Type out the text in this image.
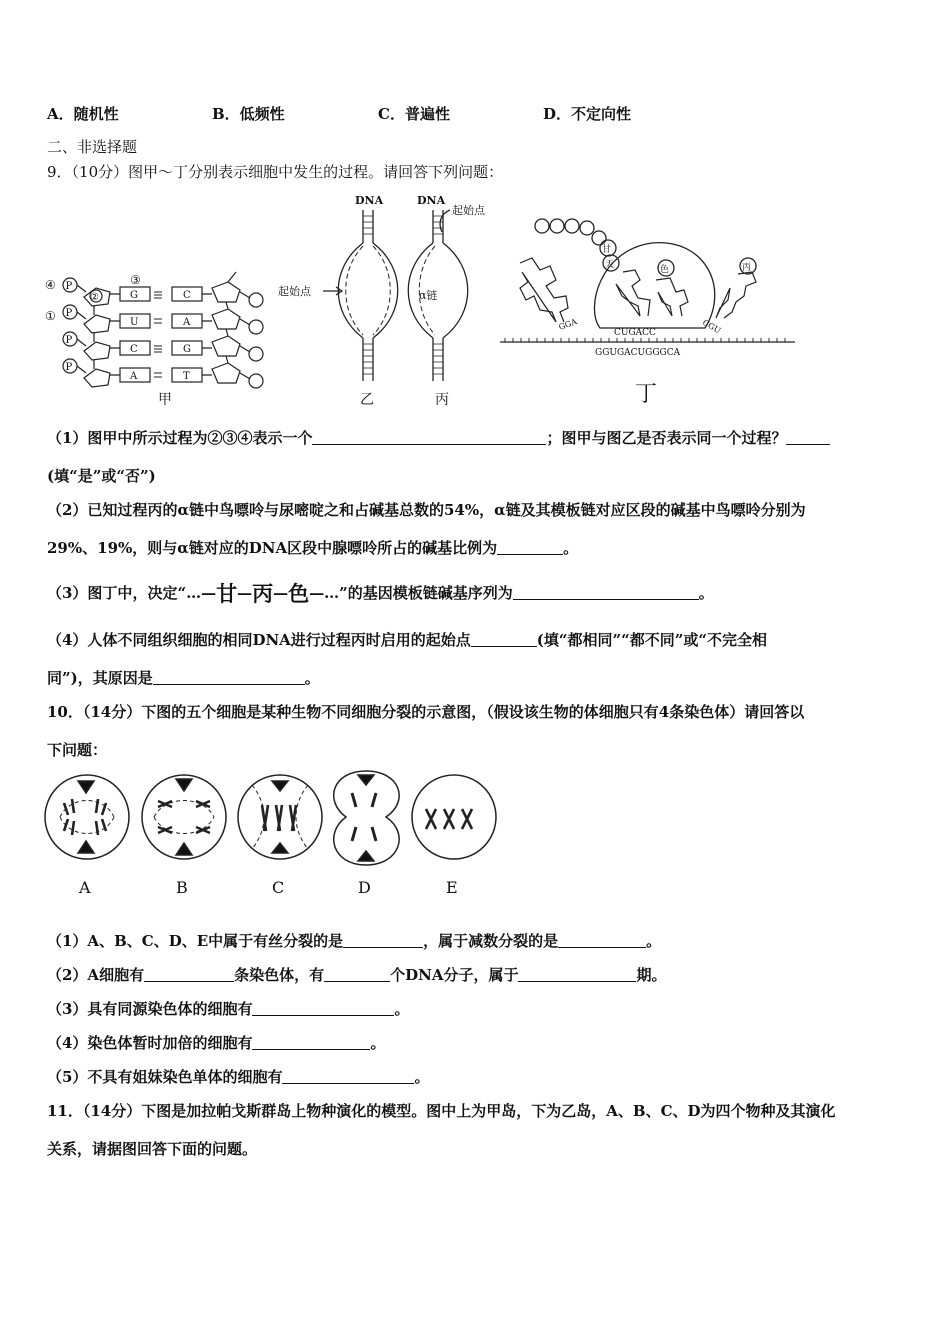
A．随机性	B．低频性	C．普遍性	D．不定向性
二、非选择题
9．（10分）图甲～丁分别表示细胞中发生的过程。请回答下列问题：
④
①
③
P
P
P
P
②	G
U
C
A
C
A
G
T
甲
DNA
起始点
乙
DNA
起始点
α链
丙
甘
天	色	丙
GGA	CGU
CUGACC
GGUGACUGGGCA
丁
（1）图甲中所示过程为②③④表示一个	；图甲与图乙是否表示同一个过程？
(填“是”或“否”)
（2）已知过程丙的α链中鸟嘌呤与尿嘧啶之和占碱基总数的54%，α链及其模板链对应区段的碱基中鸟嘌呤分别为
29%、19%，则与α链对应的DNA区段中腺嘌呤所占的碱基比例为	。
（3）图丁中，决定“…—甘—丙—色—…”的基因模板链碱基序列为	。
（4）人体不同组织细胞的相同DNA进行过程丙时启用的起始点	(填“都相同”“都不同”或“不完全相
同”)，其原因是	。
10．（14分）下图的五个细胞是某种生物不同细胞分裂的示意图，（假设该生物的体细胞只有4条染色体）请回答以
下问题：
A	B	C	D	E
（1）A、B、C、D、E中属于有丝分裂的是	，属于减数分裂的是	。
（2）A细胞有	条染色体，有	个DNA分子，属于	期。
（3）具有同源染色体的细胞有	。
（4）染色体暂时加倍的细胞有	。
（5）不具有姐妹染色单体的细胞有	。
11．（14分）下图是加拉帕戈斯群岛上物种演化的模型。图中上为甲岛，下为乙岛，A、B、C、D为四个物种及其演化
关系，请据图回答下面的问题。
